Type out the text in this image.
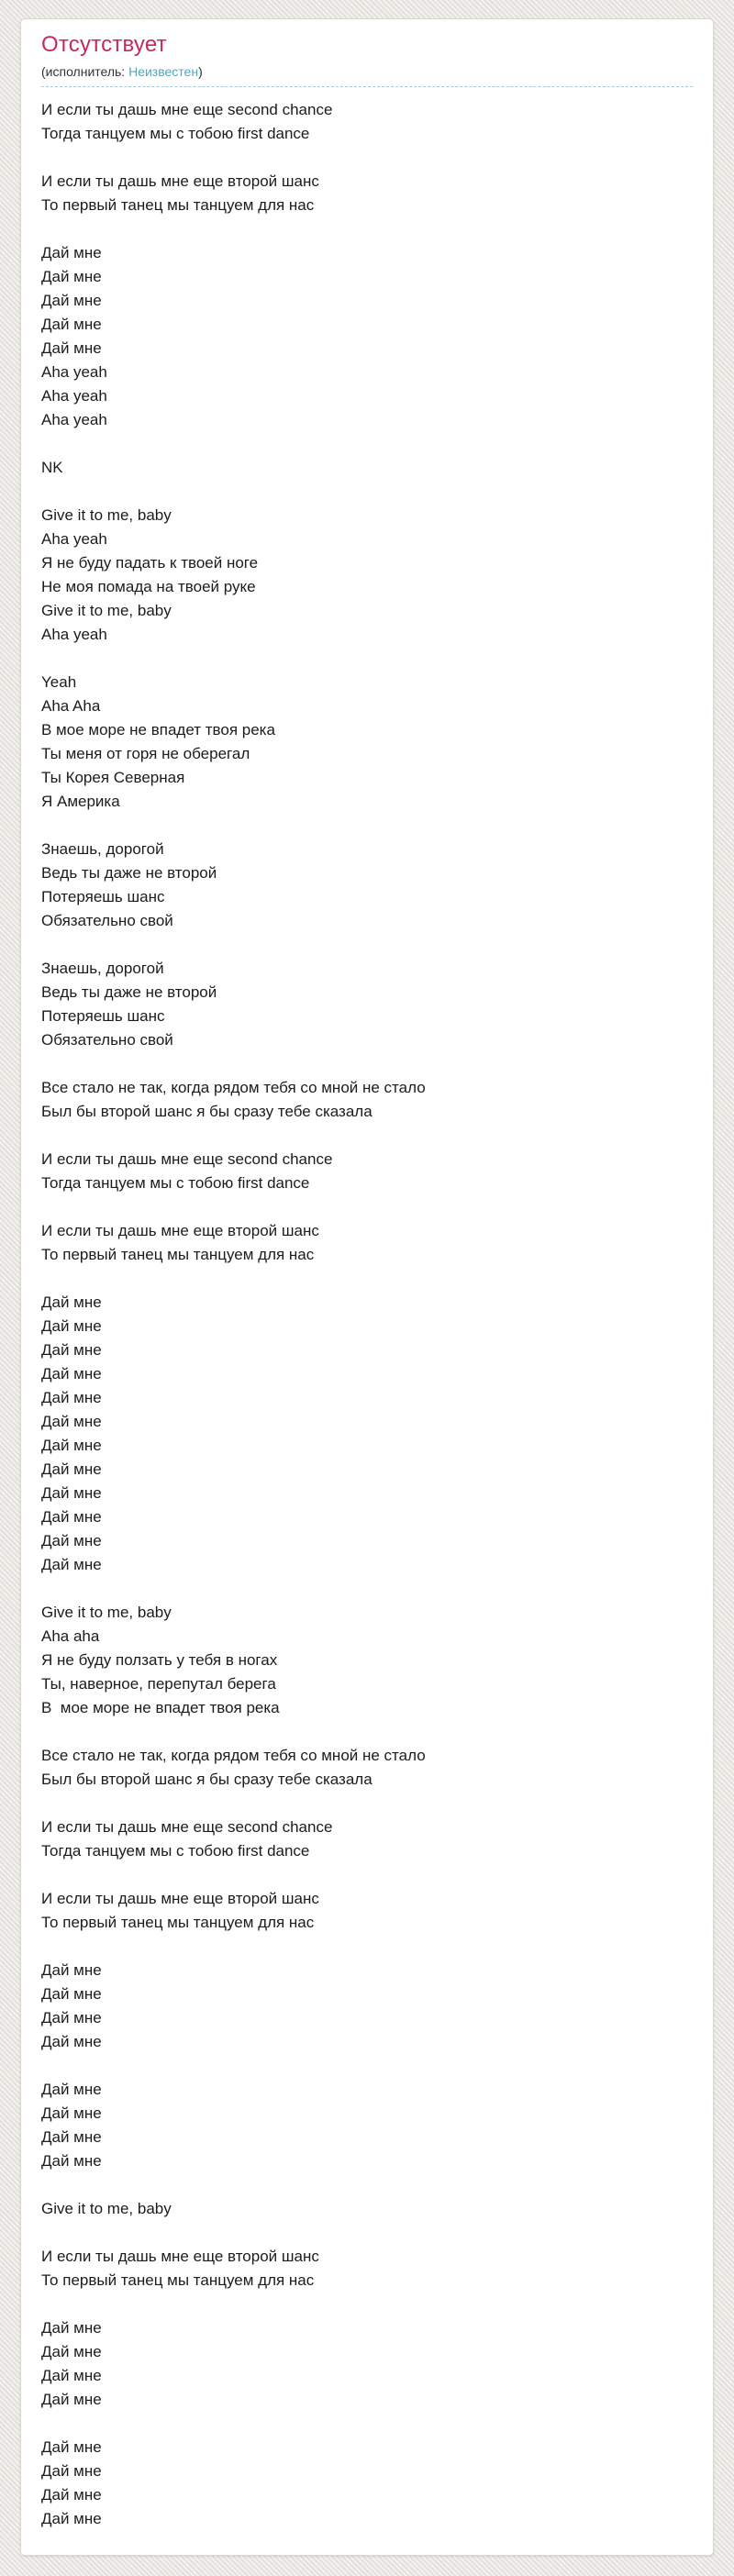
Отсутствует
(исполнитель: Неизвестен)
И если ты дашь мне еще second chance
Тогда танцуем мы с тобою first dance
И если ты дашь мне еще второй шанс
То первый танец мы танцуем для нас
Дай мне
Дай мне
Дай мне
Дай мне
Дай мне
Aha yeah
Aha yeah
Aha yeah
NK
Give it to me, baby
Aha yeah
Я не буду падать к твоей ноге
Не моя помада на твоей руке
Give it to me, baby
Aha yeah
Yeah
Aha Aha
В мое море не впадет твоя река
Ты меня от горя не оберегал
Ты Корея Северная
Я Америка
Знаешь, дорогой
Ведь ты даже не второй
Потеряешь шанс
Обязательно свой
Знаешь, дорогой
Ведь ты даже не второй
Потеряешь шанс
Обязательно свой
Все стало не так, когда рядом тебя со мной не стало
Был бы второй шанс я бы сразу тебе сказала
И если ты дашь мне еще second chance
Тогда танцуем мы с тобою first dance
И если ты дашь мне еще второй шанс
То первый танец мы танцуем для нас
Дай мне
Дай мне
Дай мне
Дай мне
Дай мне
Дай мне
Дай мне
Дай мне
Дай мне
Дай мне
Дай мне
Дай мне
Give it to me, baby
Aha aha
Я не буду ползать у тебя в ногах
Ты, наверное, перепутал берега
В  мое море не впадет твоя река
Все стало не так, когда рядом тебя со мной не стало
Был бы второй шанс я бы сразу тебе сказала
И если ты дашь мне еще second chance
Тогда танцуем мы с тобою first dance
И если ты дашь мне еще второй шанс
То первый танец мы танцуем для нас
Дай мне
Дай мне
Дай мне
Дай мне
Дай мне
Дай мне
Дай мне
Дай мне
Give it to me, baby
И если ты дашь мне еще второй шанс
То первый танец мы танцуем для нас
Дай мне
Дай мне
Дай мне
Дай мне
Дай мне
Дай мне
Дай мне
Дай мне
